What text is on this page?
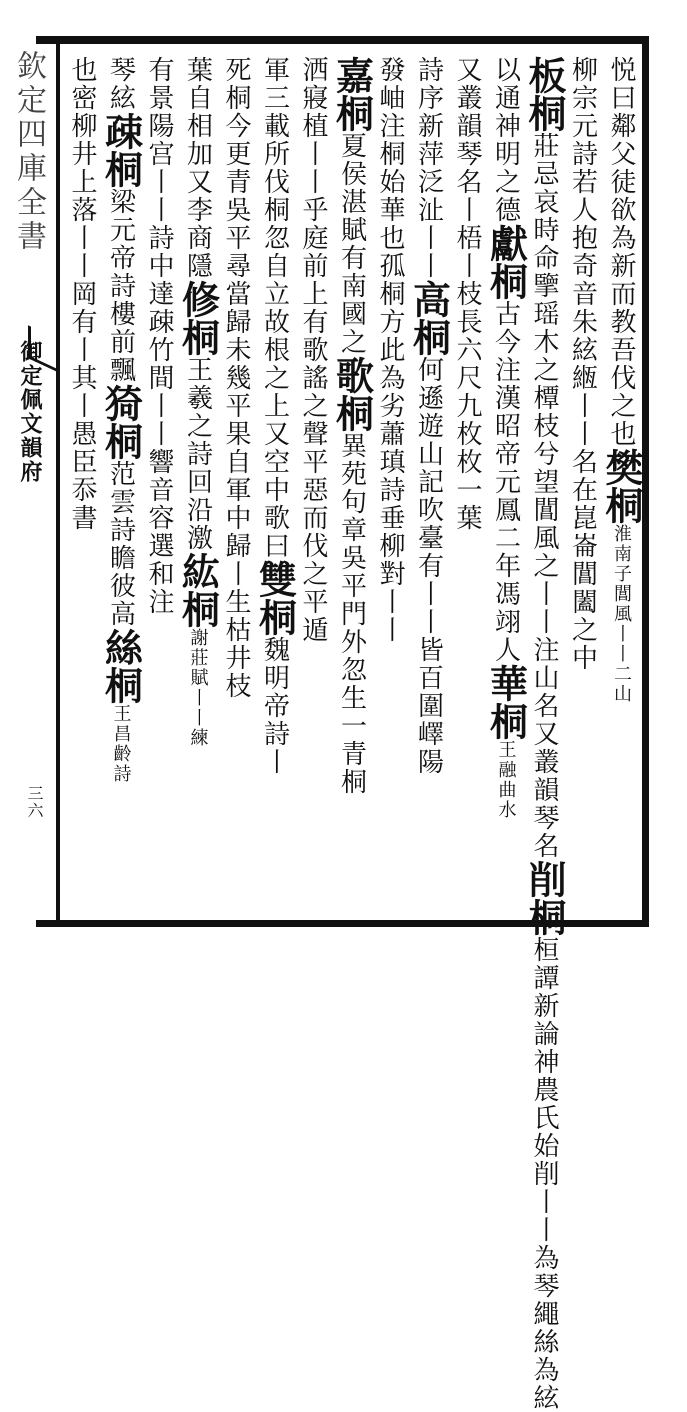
欽定四庫全書
御定佩文韻府
三六
悦曰鄰父徒欲為新而教吾伐之也樊桐淮南子閶風丨丨二山
柳宗元詩若人抱奇音朱絃緪丨丨名在崑崙閶闔之中
板桐莊忌哀時命擥瑶木之橝枝兮望閶風之丨丨注山名又叢韻琴名削桐桓譚新論神農氏始削丨丨為琴繩絲為絃
以通神明之德獻桐古今注漢昭帝元鳳二年馮翊人華桐王融曲水
又叢韻琴名丨梧丨枝長六尺九枚枚一葉
詩序新萍泛沚丨丨高桐何遜遊山記吹臺有丨丨皆百圍嶧陽
發岫注桐始華也孤桐方此為劣蕭瑱詩垂柳對丨丨
嘉桐夏侯湛賦有南國之歌桐異苑句章吳平門外忽生一青桐
洒寢植丨丨乎庭前上有歌謠之聲平惡而伐之平遁
軍三載所伐桐忽自立故根之上又空中歌曰雙桐魏明帝詩丨
死桐今更青吳平尋當歸未幾平果自軍中歸丨生枯井枝
葉自相加又李商隱修桐王羲之詩回沿激紘桐謝莊賦丨丨練
有景陽宫丨丨詩中達疎竹間丨丨響音容選和注
琴絃疎桐梁元帝詩樓前飄猗桐范雲詩瞻彼高絲桐王昌齡詩
也密柳井上落丨丨岡有丨其丨愚臣忝書
